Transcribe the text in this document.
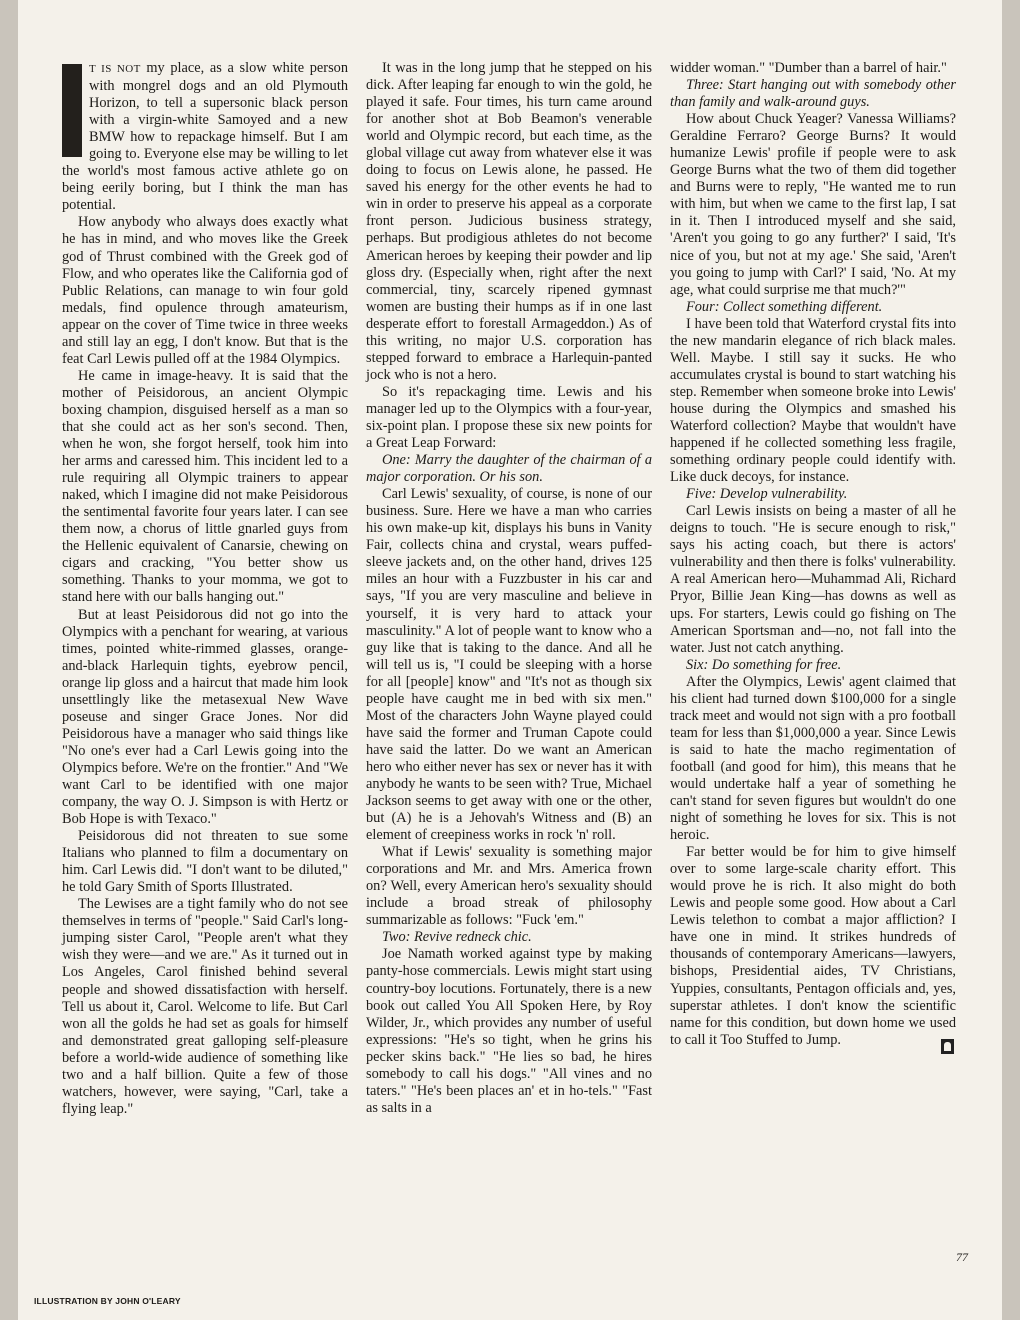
T IS NOT my place, as a slow white person with mongrel dogs and an old Plymouth Horizon, to tell a supersonic black person with a virgin-white Samoyed and a new BMW how to repackage himself. But I am going to. Everyone else may be willing to let the world's most famous active athlete go on being eerily boring, but I think the man has potential.

How anybody who always does exactly what he has in mind, and who moves like the Greek god of Thrust combined with the Greek god of Flow, and who operates like the California god of Public Relations, can manage to win four gold medals, find opulence through amateurism, appear on the cover of Time twice in three weeks and still lay an egg, I don't know. But that is the feat Carl Lewis pulled off at the 1984 Olympics.

He came in image-heavy. It is said that the mother of Peisidorous, an ancient Olympic boxing champion, disguised herself as a man so that she could act as her son's second. Then, when he won, she forgot herself, took him into her arms and caressed him. This incident led to a rule requiring all Olympic trainers to appear naked, which I imagine did not make Peisidorous the sentimental favorite four years later. I can see them now, a chorus of little gnarled guys from the Hellenic equivalent of Canarsie, chewing on cigars and cracking, "You better show us something. Thanks to your momma, we got to stand here with our balls hanging out."

But at least Peisidorous did not go into the Olympics with a penchant for wearing, at various times, pointed white-rimmed glasses, orange-and-black Harlequin tights, eyebrow pencil, orange lip gloss and a haircut that made him look unsettlingly like the metasexual New Wave poseuse and singer Grace Jones. Nor did Peisidorous have a manager who said things like "No one's ever had a Carl Lewis going into the Olympics before. We're on the frontier." And "We want Carl to be identified with one major company, the way O. J. Simpson is with Hertz or Bob Hope is with Texaco."

Peisidorous did not threaten to sue some Italians who planned to film a documentary on him. Carl Lewis did. "I don't want to be diluted," he told Gary Smith of Sports Illustrated.

The Lewises are a tight family who do not see themselves in terms of "people." Said Carl's long-jumping sister Carol, "People aren't what they wish they were—and we are." As it turned out in Los Angeles, Carol finished behind several people and showed dissatisfaction with herself. Tell us about it, Carol. Welcome to life. But Carl won all the golds he had set as goals for himself and demonstrated great galloping self-pleasure before a world-wide audience of something like two and a half billion. Quite a few of those watchers, however, were saying, "Carl, take a flying leap."

It was in the long jump that he stepped on his dick. After leaping far enough to win the gold, he played it safe. Four times, his turn came around for another shot at Bob Beamon's venerable world and Olympic record, but each time, as the global village cut away from whatever else it was doing to focus on Lewis alone, he passed. He saved his energy for the other events he had to win in order to preserve his appeal as a corporate front person. Judicious business strategy, perhaps. But prodigious athletes do not become American heroes by keeping their powder and lip gloss dry. (Especially when, right after the next commercial, tiny, scarcely ripened gymnast women are busting their humps as if in one last desperate effort to forestall Armageddon.) As of this writing, no major U.S. corporation has stepped forward to embrace a Harlequin-panted jock who is not a hero.

So it's repackaging time. Lewis and his manager led up to the Olympics with a four-year, six-point plan. I propose these six new points for a Great Leap Forward:

One: Marry the daughter of the chairman of a major corporation. Or his son.

Carl Lewis' sexuality, of course, is none of our business. Sure. Here we have a man who carries his own make-up kit, displays his buns in Vanity Fair, collects china and crystal, wears puffed-sleeve jackets and, on the other hand, drives 125 miles an hour with a Fuzzbuster in his car and says, "If you are very masculine and believe in yourself, it is very hard to attack your masculinity." A lot of people want to know who a guy like that is taking to the dance. And all he will tell us is, "I could be sleeping with a horse for all [people] know" and "It's not as though six people have caught me in bed with six men." Most of the characters John Wayne played could have said the former and Truman Capote could have said the latter. Do we want an American hero who either never has sex or never has it with anybody he wants to be seen with? True, Michael Jackson seems to get away with one or the other, but (A) he is a Jehovah's Witness and (B) an element of creepiness works in rock 'n' roll.

What if Lewis' sexuality is something major corporations and Mr. and Mrs. America frown on? Well, every American hero's sexuality should include a broad streak of philosophy summarizable as follows: "Fuck 'em."

Two: Revive redneck chic.

Joe Namath worked against type by making panty-hose commercials. Lewis might start using country-boy locutions. Fortunately, there is a new book out called You All Spoken Here, by Roy Wilder, Jr., which provides any number of useful expressions: "He's so tight, when he grins his pecker skins back." "He lies so bad, he hires somebody to call his dogs." "All vines and no taters." "He's been places an' et in ho-tels." "Fast as salts in a

widder woman." "Dumber than a barrel of hair."

Three: Start hanging out with somebody other than family and walk-around guys.

How about Chuck Yeager? Vanessa Williams? Geraldine Ferraro? George Burns? It would humanize Lewis' profile if people were to ask George Burns what the two of them did together and Burns were to reply, "He wanted me to run with him, but when we came to the first lap, I sat in it. Then I introduced myself and she said, 'Aren't you going to go any further?' I said, 'It's nice of you, but not at my age.' She said, 'Aren't you going to jump with Carl?' I said, 'No. At my age, what could surprise me that much?'"

Four: Collect something different.

I have been told that Waterford crystal fits into the new mandarin elegance of rich black males. Well. Maybe. I still say it sucks. He who accumulates crystal is bound to start watching his step. Remember when someone broke into Lewis' house during the Olympics and smashed his Waterford collection? Maybe that wouldn't have happened if he collected something less fragile, something ordinary people could identify with. Like duck decoys, for instance.

Five: Develop vulnerability.

Carl Lewis insists on being a master of all he deigns to touch. "He is secure enough to risk," says his acting coach, but there is actors' vulnerability and then there is folks' vulnerability. A real American hero—Muhammad Ali, Richard Pryor, Billie Jean King—has downs as well as ups. For starters, Lewis could go fishing on The American Sportsman and—no, not fall into the water. Just not catch anything.

Six: Do something for free.

After the Olympics, Lewis' agent claimed that his client had turned down $100,000 for a single track meet and would not sign with a pro football team for less than $1,000,000 a year. Since Lewis is said to hate the macho regimentation of football (and good for him), this means that he would undertake half a year of something he can't stand for seven figures but wouldn't do one night of something he loves for six. This is not heroic.

Far better would be for him to give himself over to some large-scale charity effort. This would prove he is rich. It also might do both Lewis and people some good. How about a Carl Lewis telethon to combat a major affliction? I have one in mind. It strikes hundreds of thousands of contemporary Americans—lawyers, bishops, Presidential aides, TV Christians, Yuppies, consultants, Pentagon officials and, yes, superstar athletes. I don't know the scientific name for this condition, but down home we used to call it Too Stuffed to Jump.

77
ILLUSTRATION BY JOHN O'LEARY
